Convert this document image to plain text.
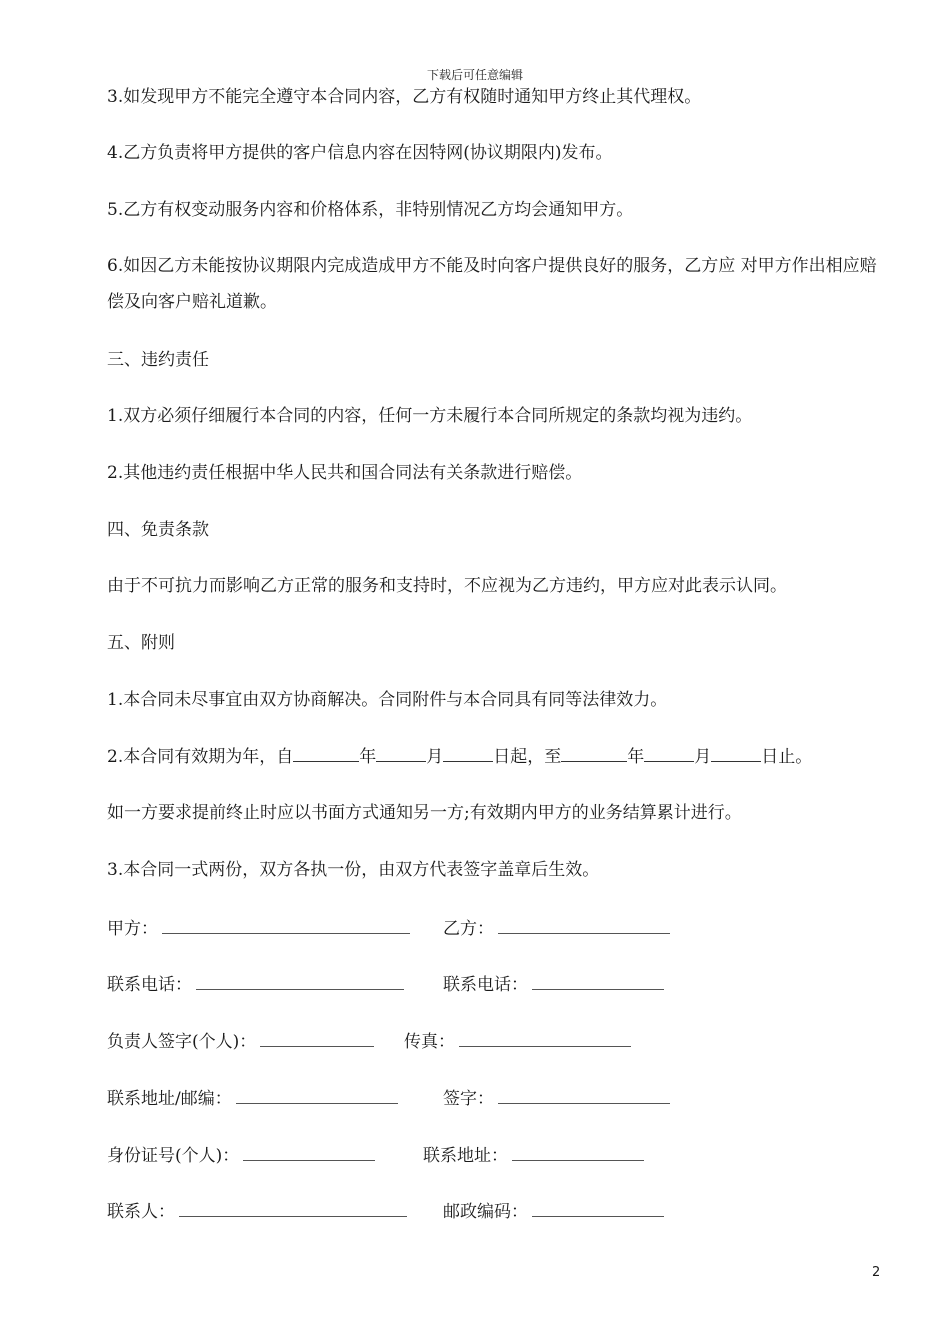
下载后可任意编辑
3.如发现甲方不能完全遵守本合同内容，乙方有权随时通知甲方终止其代理权。
4.乙方负责将甲方提供的客户信息内容在因特网(协议期限内)发布。
5.乙方有权变动服务内容和价格体系，非特别情况乙方均会通知甲方。
6.如因乙方未能按协议期限内完成造成甲方不能及时向客户提供良好的服务，乙方应 对甲方作出相应赔偿及向客户赔礼道歉。
三、违约责任
1.双方必须仔细履行本合同的内容，任何一方未履行本合同所规定的条款均视为违约。
2.其他违约责任根据中华人民共和国合同法有关条款进行赔偿。
四、免责条款
由于不可抗力而影响乙方正常的服务和支持时，不应视为乙方违约，甲方应对此表示认同。
五、附则
1.本合同未尽事宜由双方协商解决。合同附件与本合同具有同等法律效力。
2.本合同有效期为年，自	年	月	日起，至	年	月	日止。
如一方要求提前终止时应以书面方式通知另一方;有效期内甲方的业务结算累计进行。
3.本合同一式两份，双方各执一份，由双方代表签字盖章后生效。
甲方：	乙方：
联系电话：	联系电话：
负责人签字(个人)：	传真：
联系地址/邮编：	签字：
身份证号(个人)：	联系地址：
联系人：	邮政编码：
2
